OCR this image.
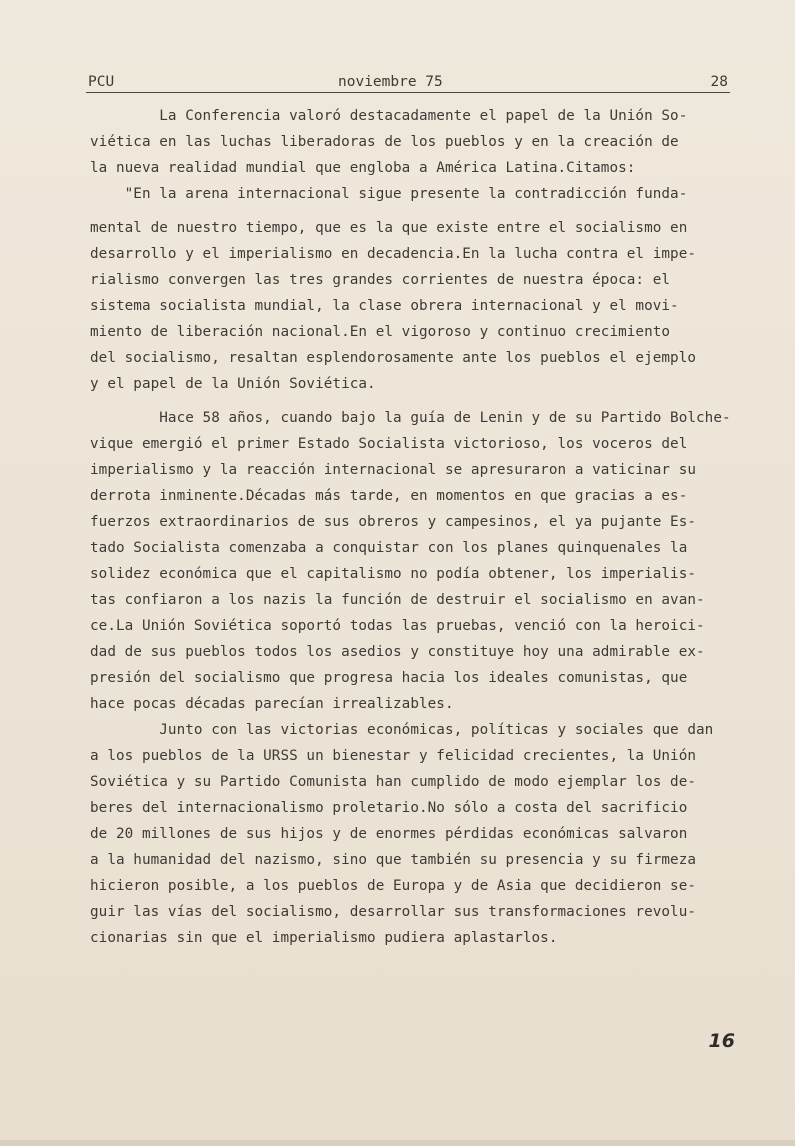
PCU	noviembre 75	28
La Conferencia valoró destacadamente el papel de la Unión So-
viética en las luchas liberadoras de los pueblos y en la creación de
la nueva realidad mundial que engloba a América Latina.Citamos:
"En la arena internacional sigue presente la contradicción funda-
mental de nuestro tiempo, que es la que existe entre el socialismo en
desarrollo y el imperialismo en decadencia.En la lucha contra el impe-
rialismo convergen las tres grandes corrientes de nuestra época: el
sistema socialista mundial, la clase obrera internacional y el movi-
miento de liberación nacional.En el vigoroso y continuo crecimiento
del socialismo, resaltan esplendorosamente ante los pueblos el ejemplo
y el papel de la Unión Soviética.
Hace 58 años, cuando bajo la guía de Lenin y de su Partido Bolche-
vique emergió el primer Estado Socialista victorioso, los voceros del
imperialismo y la reacción internacional se apresuraron a vaticinar su
derrota inminente.Décadas más tarde, en momentos en que gracias a es-
fuerzos extraordinarios de sus obreros y campesinos, el ya pujante Es-
tado Socialista comenzaba a conquistar con los planes quinquenales la
solidez económica que el capitalismo no podía obtener, los imperialis-
tas confiaron a los nazis la función de destruir el socialismo en avan-
ce.La Unión Soviética soportó todas las pruebas, venció con la heroici-
dad de sus pueblos todos los asedios y constituye hoy una admirable ex-
presión del socialismo que progresa hacia los ideales comunistas, que
hace pocas décadas parecían irrealizables.
Junto con las victorias económicas, políticas y sociales que dan
a los pueblos de la URSS un bienestar y felicidad crecientes, la Unión
Soviética y su Partido Comunista han cumplido de modo ejemplar los de-
beres del internacionalismo proletario.No sólo a costa del sacrificio
de 20 millones de sus hijos y de enormes pérdidas económicas salvaron
a la humanidad del nazismo, sino que también su presencia y su firmeza
hicieron posible, a los pueblos de Europa y de Asia que decidieron se-
guir las vías del socialismo, desarrollar sus transformaciones revolu-
cionarias sin que el imperialismo pudiera aplastarlos.
16
